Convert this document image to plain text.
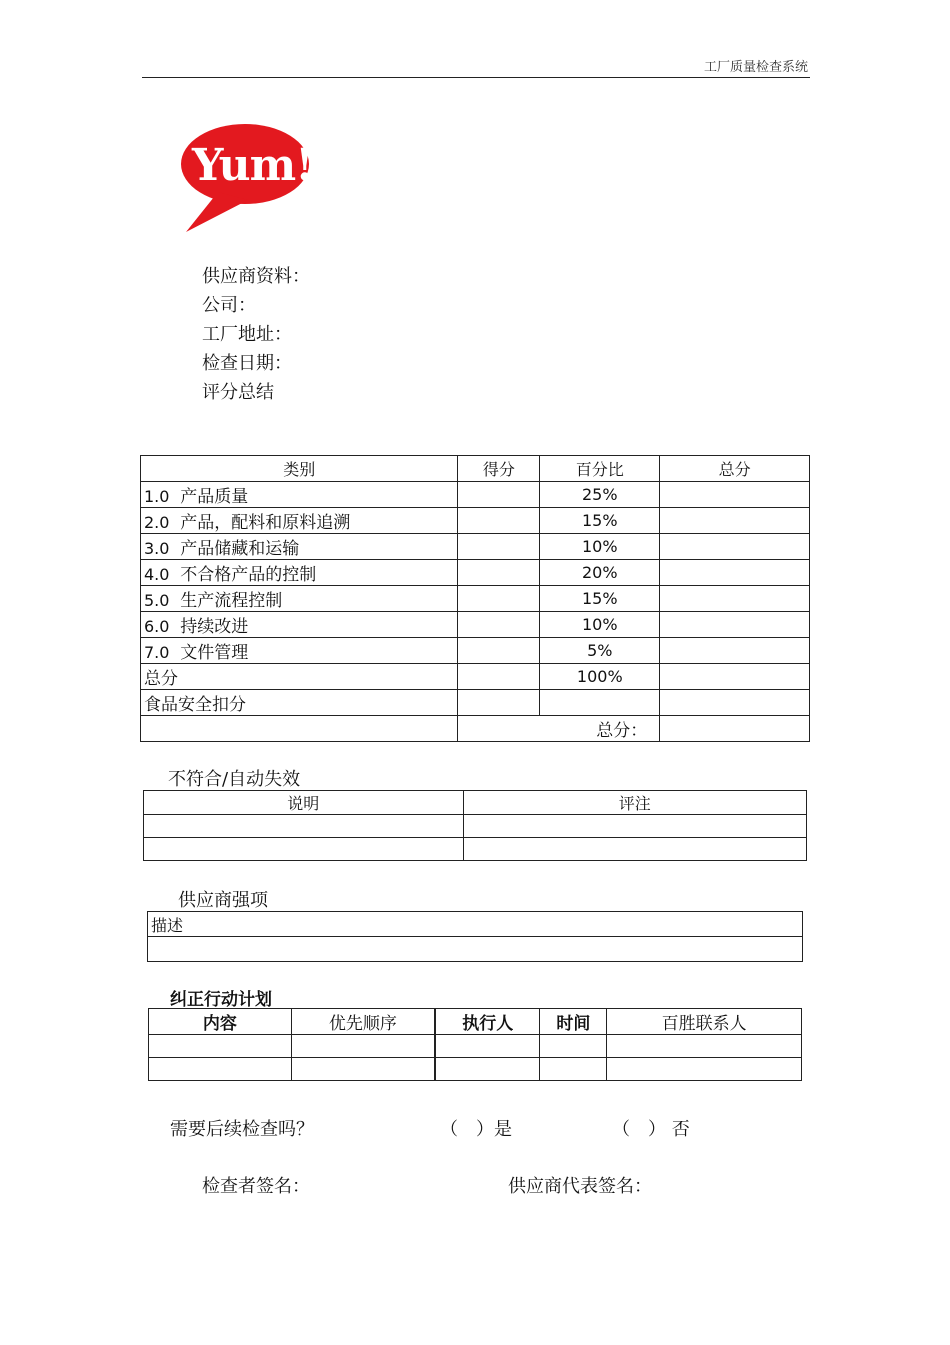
工厂质量检查系统
Yum!
供应商资料：
公司：
工厂地址：
检查日期：
评分总结
类别	得分	百分比	总分
1.0 产品质量		25%	
2.0 产品，配料和原料追溯		15%	
3.0 产品储藏和运输		10%	
4.0 不合格产品的控制		20%	
5.0 生产流程控制		15%	
6.0 持续改进		10%	
7.0 文件管理		5%	
总分		100%	
食品安全扣分			
	总分：		
不符合/自动失效
说明	评注

供应商强项
描述

纠正行动计划
内容	优先顺序	执行人	时间	百胜联系人

需要后续检查吗？	（　）是	（　） 否
检查者签名：	供应商代表签名：
